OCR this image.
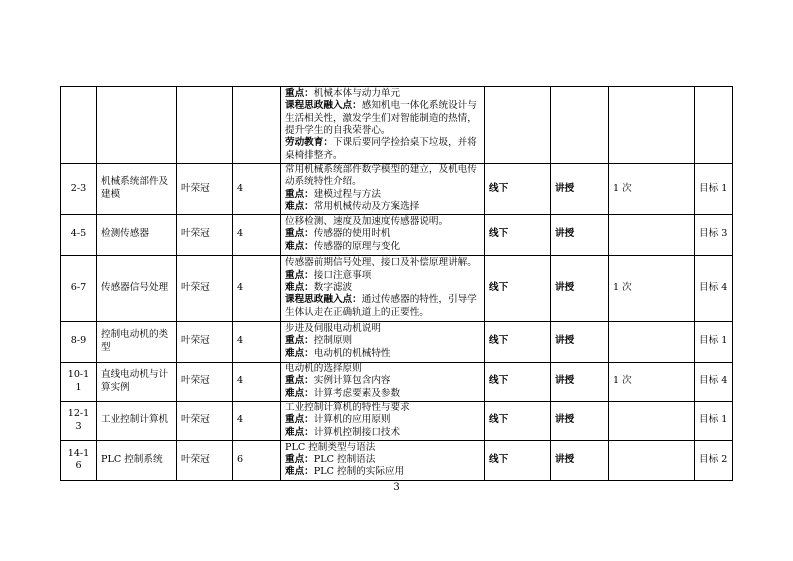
				重点：机械本体与动力单元
课程思政融入点：感知机电一体化系统设计与生活相关性，激发学生们对智能制造的热情，提升学生的自我荣誉心。
劳动教育：下课后要同学捡拾桌下垃圾，并将桌椅排整齐。				

2-3	机械系统部件及建模	叶荣冠	4	常用机械系统部件数学模型的建立，及机电传动系统特性介绍。
重点：建模过程与方法
难点：常用机械传动及方案选择	线下	讲授	1 次	目标 1
4-5	检测传感器	叶荣冠	4	位移检测、速度及加速度传感器说明。
重点：传感器的使用时机
难点：传感器的原理与变化	线下	讲授		目标 3
6-7	传感器信号处理	叶荣冠	4	传感器前期信号处理、接口及补偿原理讲解。
重点：接口注意事项
难点：数字滤波
课程思政融入点：通过传感器的特性，引导学生体认走在正确轨道上的正要性。	线下	讲授	1 次	目标 4
8-9	控制电动机的类型	叶荣冠	4	步进及伺服电动机说明
重点：控制原则
难点：电动机的机械特性	线下	讲授		目标 1
10-11	直线电动机与计算实例	叶荣冠	4	电动机的选择原则
重点：实例计算包含内容
难点：计算考虑要素及参数	线下	讲授	1 次	目标 4
12-13	工业控制计算机	叶荣冠	4	工业控制计算机的特性与要求
重点：计算机的应用原则
难点：计算机控制接口技术	线下	讲授		目标 1
14-16	PLC 控制系统	叶荣冠	6	PLC 控制类型与语法
重点：PLC 控制语法
难点：PLC 控制的实际应用	线下	讲授		目标 2
3
